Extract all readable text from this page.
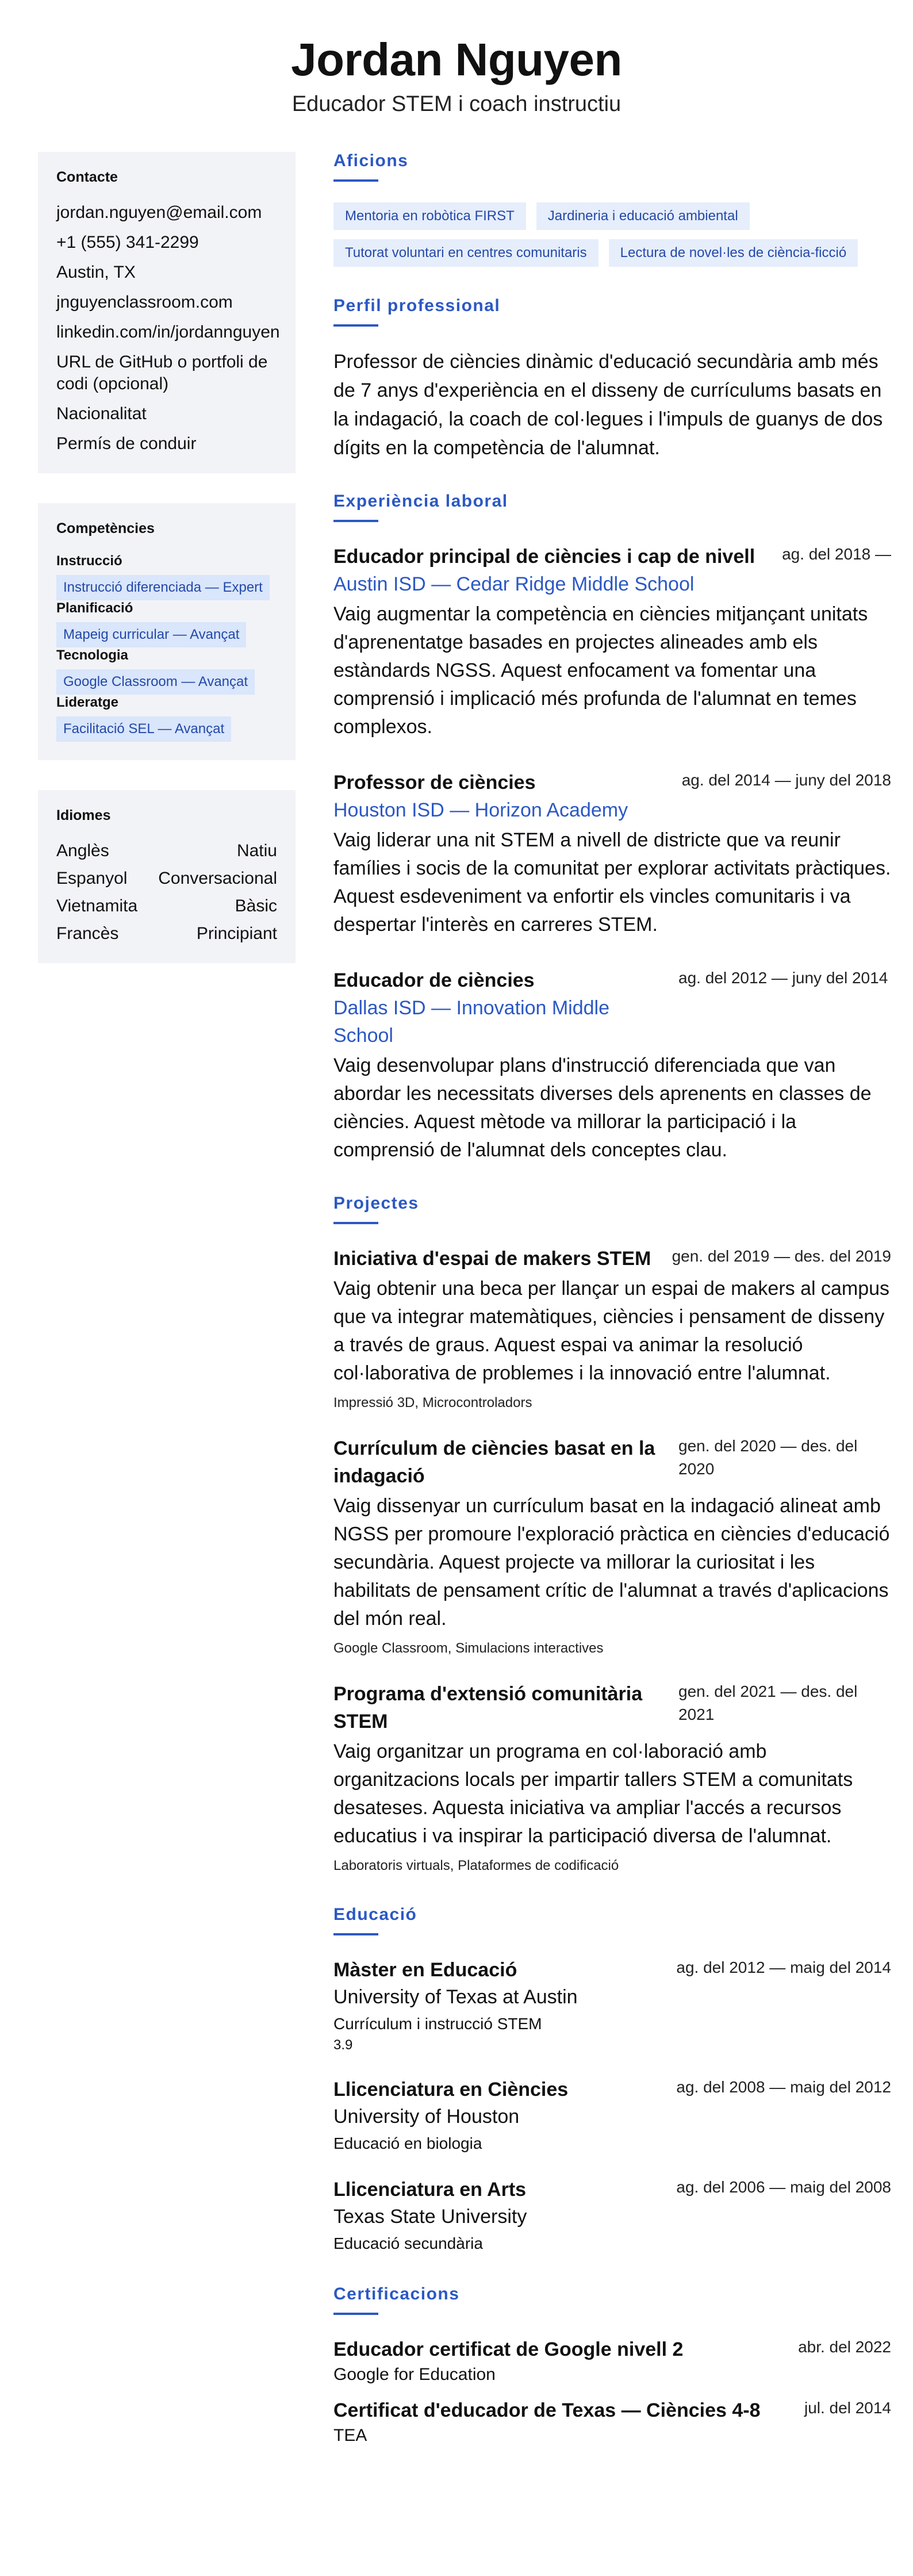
Jordan Nguyen
Educador STEM i coach instructiu
Contacte
jordan.nguyen@email.com
+1 (555) 341-2299
Austin, TX
jnguyenclassroom.com
linkedin.com/in/jordannguyen
URL de GitHub o portfoli de codi (opcional)
Nacionalitat
Permís de conduir
Competències
Instrucció
Instrucció diferenciada — Expert
Planificació
Mapeig curricular — Avançat
Tecnologia
Google Classroom — Avançat
Lideratge
Facilitació SEL — Avançat
Idiomes
Anglès	Natiu
Espanyol Conversacional
Vietnamita	Bàsic
Francès	Principiant
Aficions
Mentoria en robòtica FIRST	Jardineria i educació ambiental
Tutorat voluntari en centres comunitaris	Lectura de novel·les de ciència-ficció
Perfil professional

Professor de ciències dinàmic d'educació secundària amb més de 7 anys d'experiència en el disseny de currículums basats en la indagació, la coach de col·legues i l'impuls de guanys de dos dígits en la competència de l'alumnat.

Experiència laboral
Educador principal de ciències i cap de nivell ag. del 2018 —
Austin ISD — Cedar Ridge Middle School
Vaig augmentar la competència en ciències mitjançant unitats d'aprenentatge basades en projectes alineades amb els estàndards NGSS. Aquest enfocament va fomentar una comprensió i implicació més profunda de l'alumnat en temes complexos.
Professor de ciències	ag. del 2014 — juny del 2018
Houston ISD — Horizon Academy
Vaig liderar una nit STEM a nivell de districte que va reunir famílies i socis de la comunitat per explorar activitats pràctiques. Aquest esdeveniment va enfortir els vincles comunitaris i va despertar l'interès en carreres STEM.
Educador de ciències
Dallas ISD — Innovation Middle School
ag. del 2012 — juny del 2014
Vaig desenvolupar plans d'instrucció diferenciada que van abordar les necessitats diverses dels aprenents en classes de ciències. Aquest mètode va millorar la participació i la comprensió de l'alumnat dels conceptes clau.
Projectes
Iniciativa d'espai de makers STEM gen. del 2019 — des. del 2019
Vaig obtenir una beca per llançar un espai de makers al campus que va integrar matemàtiques, ciències i pensament de disseny a través de graus. Aquest espai va animar la resolució col·laborativa de problemes i la innovació entre l'alumnat.
Impressió 3D, Microcontroladors
Currículum de ciències basat en la indagació
gen. del 2020 — des. del 2020
Vaig dissenyar un currículum basat en la indagació alineat amb NGSS per promoure l'exploració pràctica en ciències d'educació secundària. Aquest projecte va millorar la curiositat i les habilitats de pensament crític de l'alumnat a través d'aplicacions del món real.
Google Classroom, Simulacions interactives
Programa d'extensió comunitària STEM
gen. del 2021 — des. del 2021
Vaig organitzar un programa en col·laboració amb organitzacions locals per impartir tallers STEM a comunitats desateses. Aquesta iniciativa va ampliar l'accés a recursos educatius i va inspirar la participació diversa de l'alumnat.
Laboratoris virtuals, Plataformes de codificació
Educació
Màster en Educació	ag. del 2012 — maig del 2014
University of Texas at Austin
Currículum i instrucció STEM
3.9
Llicenciatura en Ciències	ag. del 2008 — maig del 2012
University of Houston
Educació en biologia
Llicenciatura en Arts	ag. del 2006 — maig del 2008
Texas State University
Educació secundària
Certificacions
Educador certificat de Google nivell 2	abr. del 2022
Google for Education
Certificat d'educador de Texas — Ciències 4-8	jul. del 2014
TEA
